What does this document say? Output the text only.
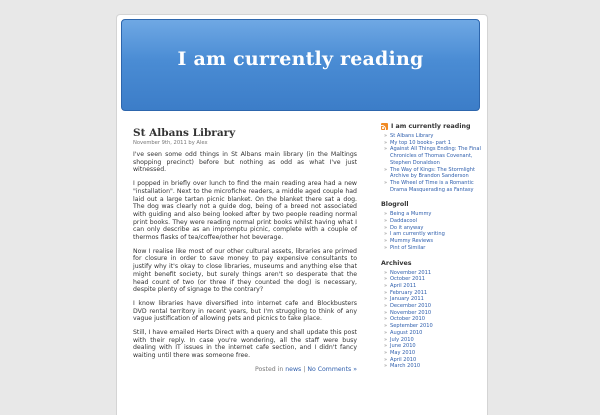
I am currently reading
St Albans Library
November 9th, 2011 by Alex

I've seen some odd things in St Albans main library (in the Maltings shopping precinct) before but nothing as odd as what I've just witnessed.

I popped in briefly over lunch to find the main reading area had a new "installation". Next to the microfiche readers, a middle aged couple had laid out a large tartan picnic blanket. On the blanket there sat a dog. The dog was clearly not a guide dog, being of a breed not associated with guiding and also being looked after by two people reading normal print books. They were reading normal print books whilst having what I can only describe as an impromptu picnic, complete with a couple of thermos flasks of tea/coffee/other hot beverage.

Now I realise like most of our other cultural assets, libraries are primed for closure in order to save money to pay expensive consultants to justify why it's okay to close libraries, museums and anything else that might benefit society, but surely things aren't so desperate that the head count of two (or three if they counted the dog) is necessary, despite plenty of signage to the contrary?

I know libraries have diversified into internet cafe and Blockbusters DVD rental territory in recent years, but I'm struggling to think of any vague justification of allowing pets and picnics to take place.

Still, I have emailed Herts Direct with a query and shall update this post with their reply. In case you're wondering, all the staff were busy dealing with IT issues in the internet cafe section, and I didn't fancy waiting until there was someone free.

Posted in news | No Comments »
I am currently reading
» St Albans Library
» My top 10 books- part 1
» Against All Things Ending: The Final Chronicles of Thomas Covenant, Stephen Donaldson
» The Way of Kings: The Stormlight Archive by Brandon Sanderson
» The Wheel of Time is a Romantic Drama Masquerading as Fantasy
Blogroll
» Being a Mummy
» Daddacool
» Do it anyway
» I am currently writing
» Mummy Reviews
» Pint of Similar
Archives
» November 2011
» October 2011
» April 2011
» February 2011
» January 2011
» December 2010
» November 2010
» October 2010
» September 2010
» August 2010
» July 2010
» June 2010
» May 2010
» April 2010
» March 2010
